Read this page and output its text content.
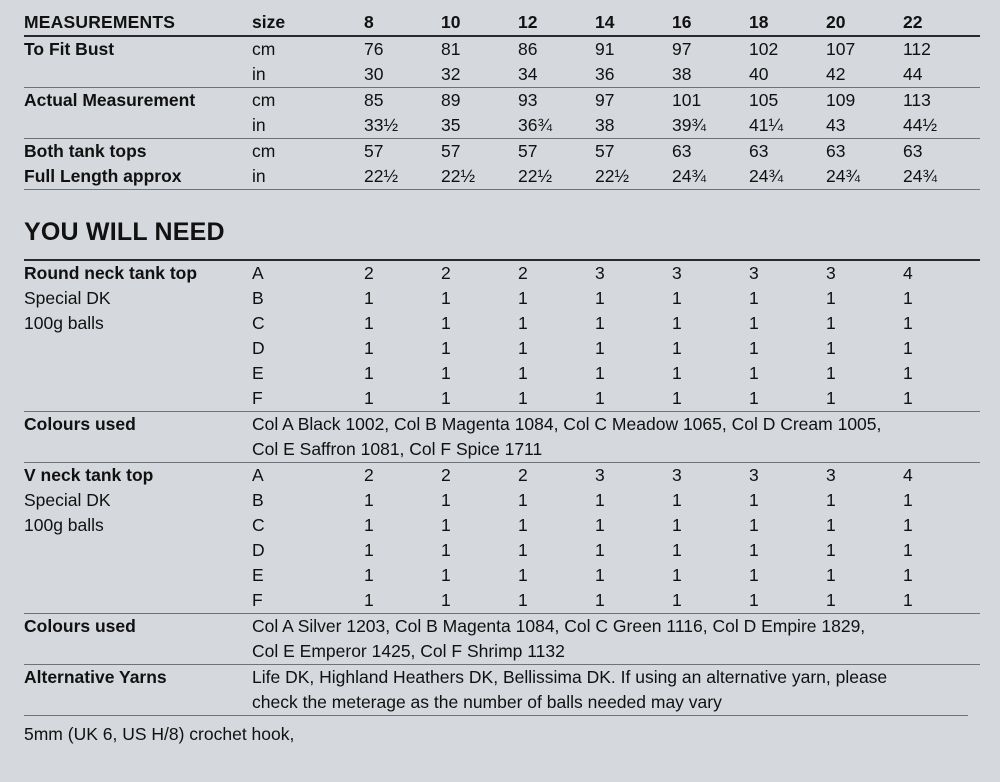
MEASUREMENTS	size	8	10	12	14	16	18	20	22
To Fit Bust	cm	76	81	86	91	97	102	107	112
	in	30	32	34	36	38	40	42	44
Actual Measurement	cm	85	89	93	97	101	105	109	113
	in	33½	35	36¾	38	39¾	41¼	43	44½
Both tank tops	cm	57	57	57	57	63	63	63	63
Full Length approx	in	22½	22½	22½	22½	24¾	24¾	24¾	24¾

YOU WILL NEED
Round neck tank top	A	2	2	2	3	3	3	3	4
Special DK	B	1	1	1	1	1	1	1	1
100g balls	C	1	1	1	1	1	1	1	1
	D	1	1	1	1	1	1	1	1
	E	1	1	1	1	1	1	1	1
	F	1	1	1	1	1	1	1	1
Colours used	Col A Black 1002, Col B Magenta 1084, Col C Meadow 1065, Col D Cream 1005,								
	Col E Saffron 1081, Col F Spice 1711								
V neck tank top	A	2	2	2	3	3	3	3	4
Special DK	B	1	1	1	1	1	1	1	1
100g balls	C	1	1	1	1	1	1	1	1
	D	1	1	1	1	1	1	1	1
	E	1	1	1	1	1	1	1	1
	F	1	1	1	1	1	1	1	1
Colours used	Col A Silver 1203, Col B Magenta 1084, Col C Green 1116, Col D Empire 1829,								
	Col E Emperor 1425, Col F Shrimp 1132								
Alternative Yarns	Life DK, Highland Heathers DK, Bellissima DK. If using an alternative yarn, please								
	check the meterage as the number of balls needed may vary								
5mm (UK 6, US H/8) crochet hook,
